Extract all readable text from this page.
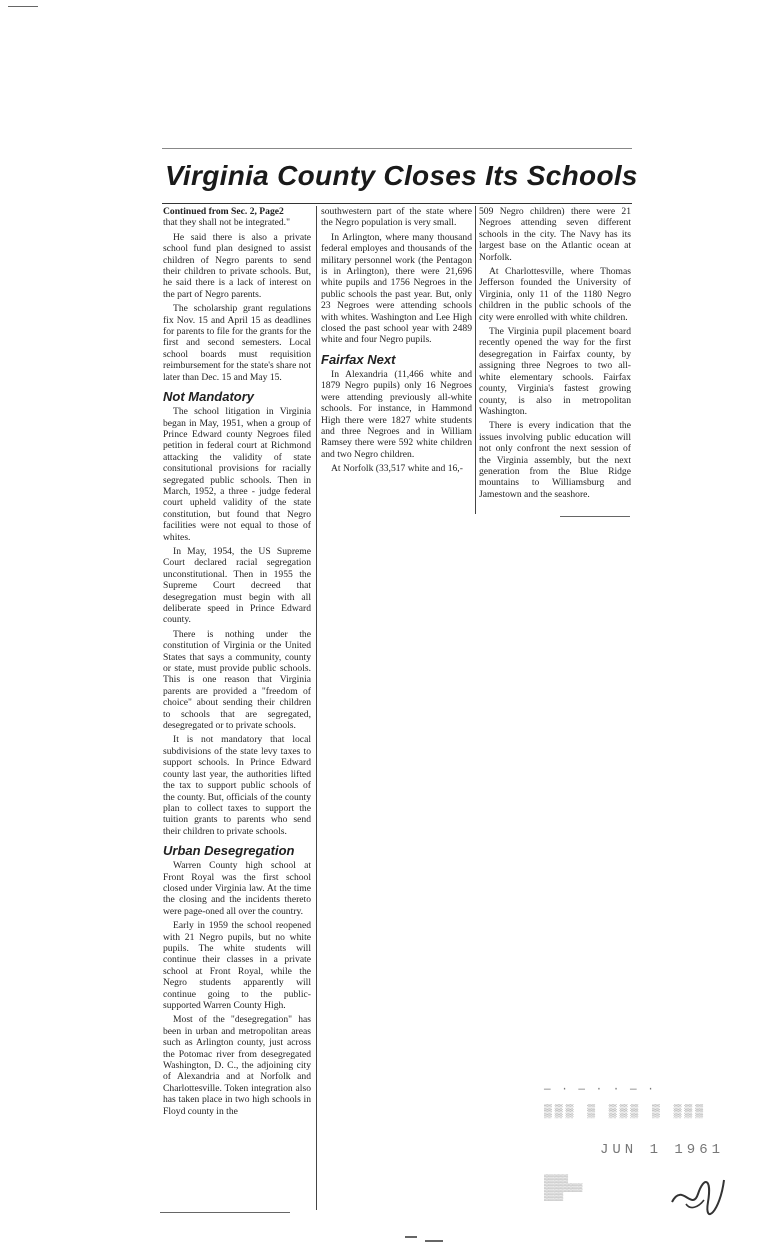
Virginia County Closes Its Schools
Continued from Sec. 2, Page2

that they shall not be integrated."

He said there is also a private school fund plan designed to assist children of Negro parents to send their children to private schools. But, he said there is a lack of interest on the part of Negro parents.

The scholarship grant regulations fix Nov. 15 and April 15 as deadlines for parents to file for the grants for the first and second semesters. Local school boards must requisition reimbursement for the state's share not later than Dec. 15 and May 15.

Not Mandatory

The school litigation in Virginia began in May, 1951, when a group of Prince Edward county Negroes filed petition in federal court at Richmond attacking the validity of state consitutional provisions for racially segregated public schools. Then in March, 1952, a three - judge federal court upheld validity of the state constitution, but found that Negro facilities were not equal to those of whites.

In May, 1954, the US Supreme Court declared racial segregation unconstitutional. Then in 1955 the Supreme Court decreed that desegregation must begin with all deliberate speed in Prince Edward county.

There is nothing under the constitution of Virginia or the United States that says a community, county or state, must provide public schools. This is one reason that Virginia parents are provided a "freedom of choice" about sending their children to schools that are segregated, desegregated or to private schools.

It is not mandatory that local subdivisions of the state levy taxes to support schools. In Prince Edward county last year, the authorities lifted the tax to support public schools of the county. But, officials of the county plan to collect taxes to support the tuition grants to parents who send their children to private schools.

Urban Desegregation

Warren County high school at Front Royal was the first school closed under Virginia law. At the time the closing and the incidents thereto were page-oned all over the country.

Early in 1959 the school reopened with 21 Negro pupils, but no white pupils. The white students will continue their classes in a private school at Front Royal, while the Negro students apparently will continue going to the public-supported Warren County High.

Most of the "desegregation" has been in urban and metropolitan areas such as Arlington county, just across the Potomac river from desegregated Washington, D. C., the adjoining city of Alexandria and at Norfolk and Charlottesville. Token integration also has taken place in two high schools in Floyd county in the

southwestern part of the state where the Negro population is very small.

In Arlington, where many thousand federal employes and thousands of the military personnel work (the Pentagon is in Arlington), there were 21,696 white pupils and 1756 Negroes in the public schools the past year. But, only 23 Negroes were attending schools with whites. Washington and Lee High closed the past school year with 2489 white and four Negro pupils.

Fairfax Next

In Alexandria (11,466 white and 1879 Negro pupils) only 16 Negroes were attending previously all-white schools. For instance, in Hammond High there were 1827 white students and three Negroes and in William Ramsey there were 592 white children and two Negro children.

At Norfolk (33,517 white and 16,-

509 Negro children) there were 21 Negroes attending seven different schools in the city. The Navy has its largest base on the Atlantic ocean at Norfolk.

At Charlottesville, where Thomas Jefferson founded the University of Virginia, only 11 of the 1180 Negro children in the public schools of the city were enrolled with white children.

The Virginia pupil placement board recently opened the way for the first desegregation in Fairfax county, by assigning three Negroes to two all-white elementary schools. Fairfax county, Virginia's fastest growing county, is also in metropolitan Washington.

There is every indication that the issues involving public education will not only confront the next session of the Virginia assembly, but the next generation from the Blue Ridge mountains to Williamsburg and Jamestown and the seashore.

— · — · · — ·
▒▒▒ ▒ ▒▒▒ ▒ ▒▒▒
JUN 1 1961
▒▒▒▒▒
▒▒▒▒▒▒▒▒
▒▒▒▒
